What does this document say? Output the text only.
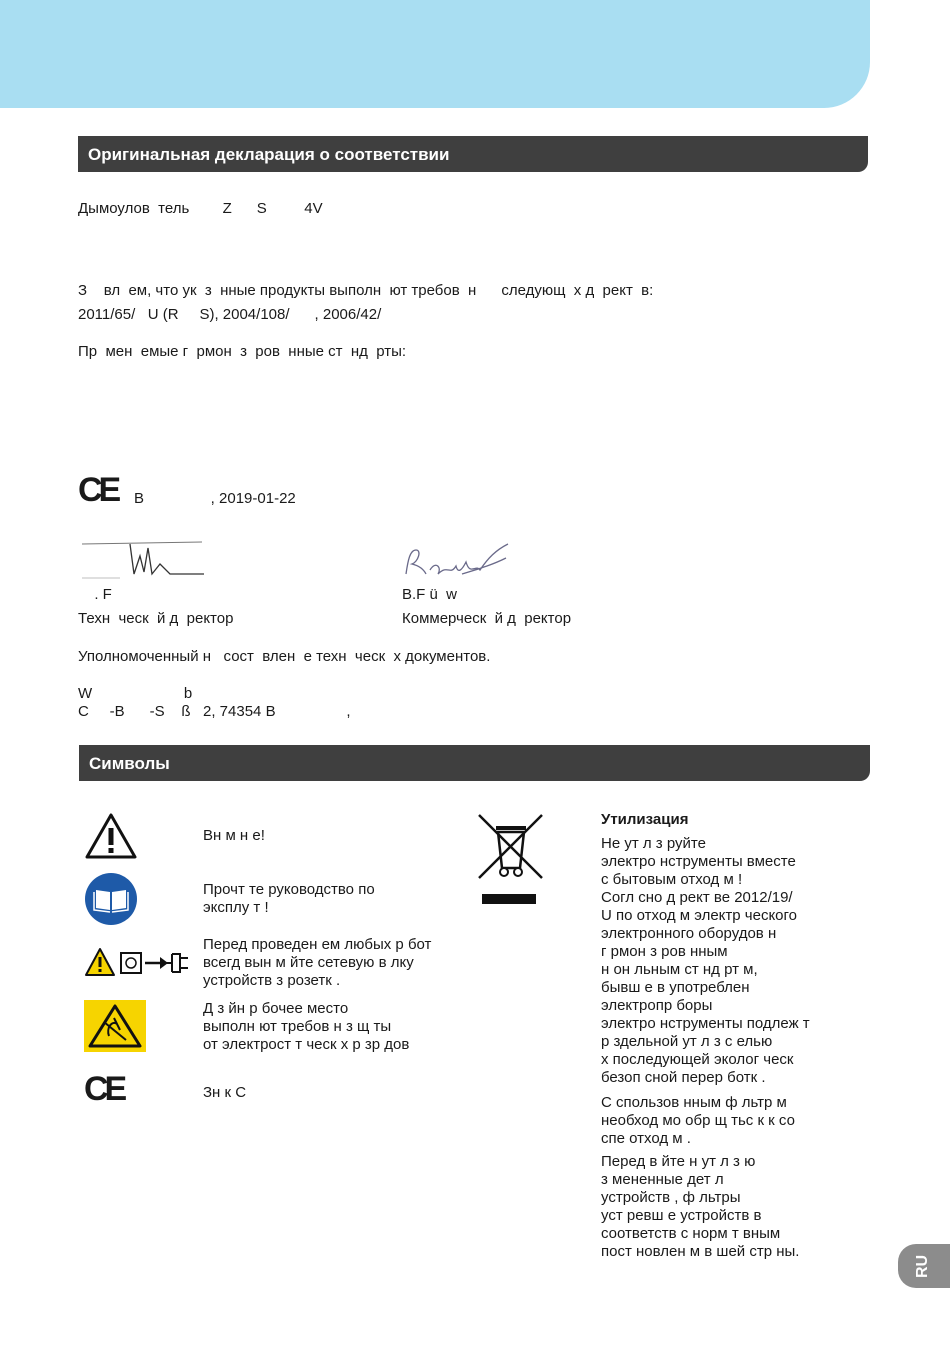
Оригинальная декларация о соответствии
Дымоулов  тель        Z      S         4V
З    вл  ем, что ук  з  нные продукты выполн  ют требов  н      следующ  х д  рект  в:
2011/65/   U (R     S), 2004/108/      , 2006/42/
Пр  мен  емые г  рмон  з  ров  нные ст  нд  рты:
CE В                , 2019-01-22
. F
Техн  ческ  й д  ректор
B.F ü  w
Коммерческ  й д  ректор
Уполномоченный н   сост  влен  е техн  ческ  х документов.
W                      b
C     -B      -S    ß   2, 74354 В                 ,
Символы
CE
Вн м н е!
Прочт те руководство по
эксплу т !
Перед проведен ем любых р бот
всегд вын м йте сетевую в лку
устройств з розетк .
Д з йн р бочее место
выполн ют требов н з щ ты
от электрост т ческ х р зр дов
Зн к С
Утилизация
Не ут л з руйте
электро нструменты вместе
с бытовым отход м !
Согл сно д рект ве 2012/19/
U по отход м электр ческого
электронного оборудов н
г рмон з ров нным
н он льным ст нд рт м,
бывш е в употреблен
электропр боры
электро нструменты подлеж т
р здельной ут л з с елью
х последующей эколог ческ
безоп сной перер ботк .
С спользов нным ф льтр м
необход мо обр щ тьс к к со
спе отход м .
Перед в йте н ут л з ю
з мененные дет л
устройств , ф льтры
уст ревш е устройств в
соответств с норм т вным
пост новлен м в шей стр ны.
RU
